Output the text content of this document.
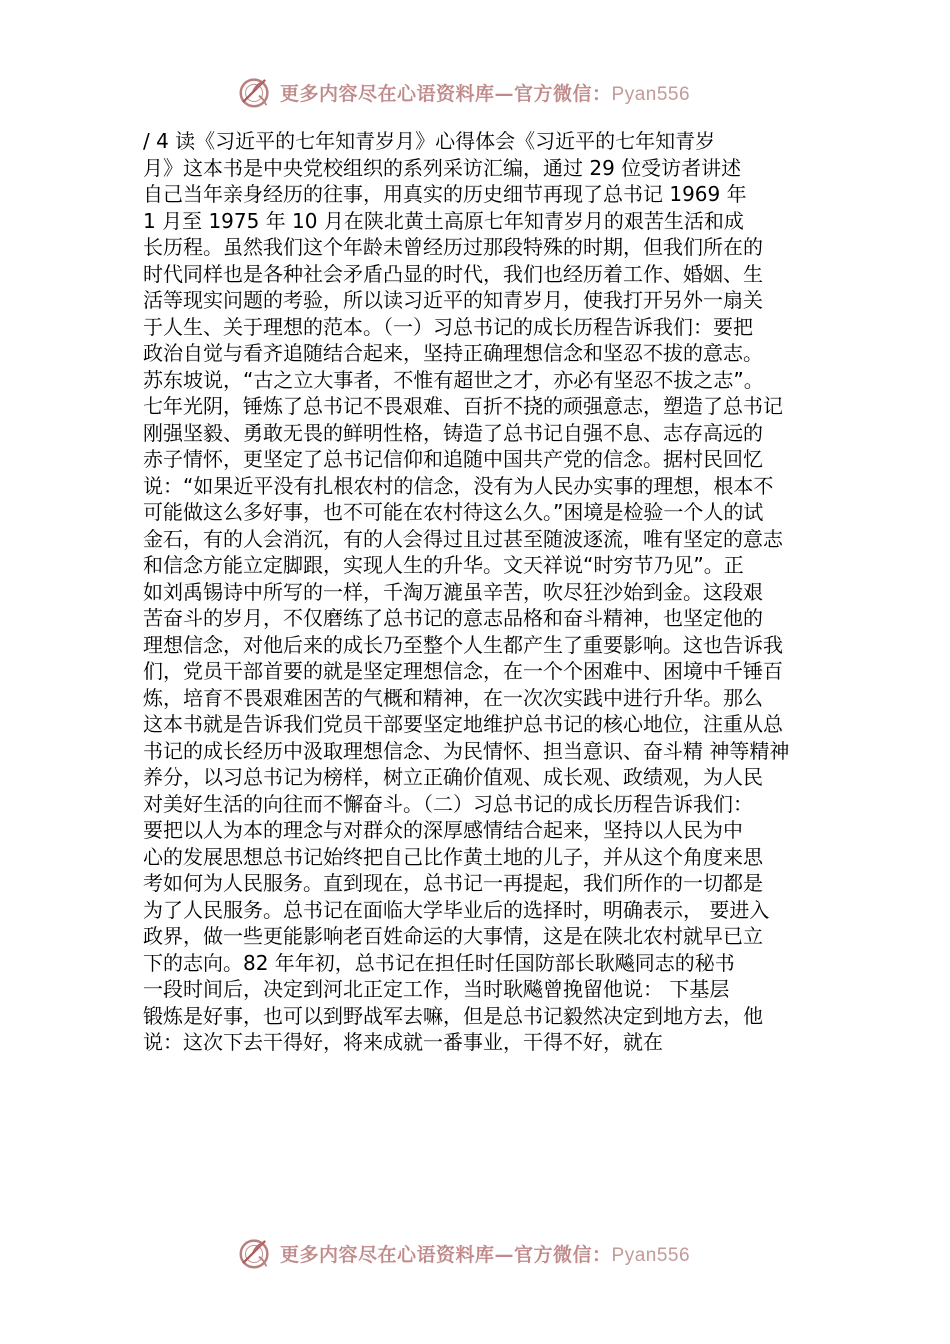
更多内容尽在心语资料库—官方微信：Pyan556
/ 4 读《习近平的七年知青岁月》心得体会《习近平的七年知青岁
月》这本书是中央党校组织的系列采访汇编，通过 29 位受访者讲述
自己当年亲身经历的往事，用真实的历史细节再现了总书记 1969 年
1 月至 1975 年 10 月在陕北黄土高原七年知青岁月的艰苦生活和成
长历程。虽然我们这个年龄未曾经历过那段特殊的时期，但我们所在的
时代同样也是各种社会矛盾凸显的时代，我们也经历着工作、婚姻、生
活等现实问题的考验，所以读习近平的知青岁月，使我打开另外一扇关
于人生、关于理想的范本。（一）习总书记的成长历程告诉我们：要把
政治自觉与看齐追随结合起来，坚持正确理想信念和坚忍不拔的意志。
苏东坡说，“古之立大事者，不惟有超世之才，亦必有坚忍不拔之志”。
七年光阴，锤炼了总书记不畏艰难、百折不挠的顽强意志，塑造了总书记
刚强坚毅、勇敢无畏的鲜明性格，铸造了总书记自强不息、志存高远的
赤子情怀，更坚定了总书记信仰和追随中国共产党的信念。据村民回忆
说：“如果近平没有扎根农村的信念，没有为人民办实事的理想，根本不
可能做这么多好事，也不可能在农村待这么久。”困境是检验一个人的试
金石，有的人会消沉，有的人会得过且过甚至随波逐流，唯有坚定的意志
和信念方能立定脚跟，实现人生的升华。文天祥说“时穷节乃见”。正
如刘禹锡诗中所写的一样，千淘万漉虽辛苦，吹尽狂沙始到金。这段艰
苦奋斗的岁月，不仅磨练了总书记的意志品格和奋斗精神，也坚定他的
理想信念，对他后来的成长乃至整个人生都产生了重要影响。这也告诉我
们，党员干部首要的就是坚定理想信念，在一个个困难中、困境中千锤百
炼，培育不畏艰难困苦的气概和精神，在一次次实践中进行升华。那么
这本书就是告诉我们党员干部要坚定地维护总书记的核心地位，注重从总
书记的成长经历中汲取理想信念、为民情怀、担当意识、奋斗精 神等精神
养分，以习总书记为榜样，树立正确价值观、成长观、政绩观，为人民
对美好生活的向往而不懈奋斗。（二）习总书记的成长历程告诉我们：
要把以人为本的理念与对群众的深厚感情结合起来，坚持以人民为中
心的发展思想总书记始终把自己比作黄土地的儿子，并从这个角度来思
考如何为人民服务。直到现在，总书记一再提起，我们所作的一切都是
为了人民服务。总书记在面临大学毕业后的选择时，明确表示， 要进入
政界，做一些更能影响老百姓命运的大事情，这是在陕北农村就早已立
下的志向。82 年年初，总书记在担任时任国防部长耿飚同志的秘书
一段时间后，决定到河北正定工作，当时耿飚曾挽留他说： 下基层
锻炼是好事，也可以到野战军去嘛，但是总书记毅然决定到地方去，他
说：这次下去干得好，将来成就一番事业，干得不好，就在
更多内容尽在心语资料库—官方微信：Pyan556
